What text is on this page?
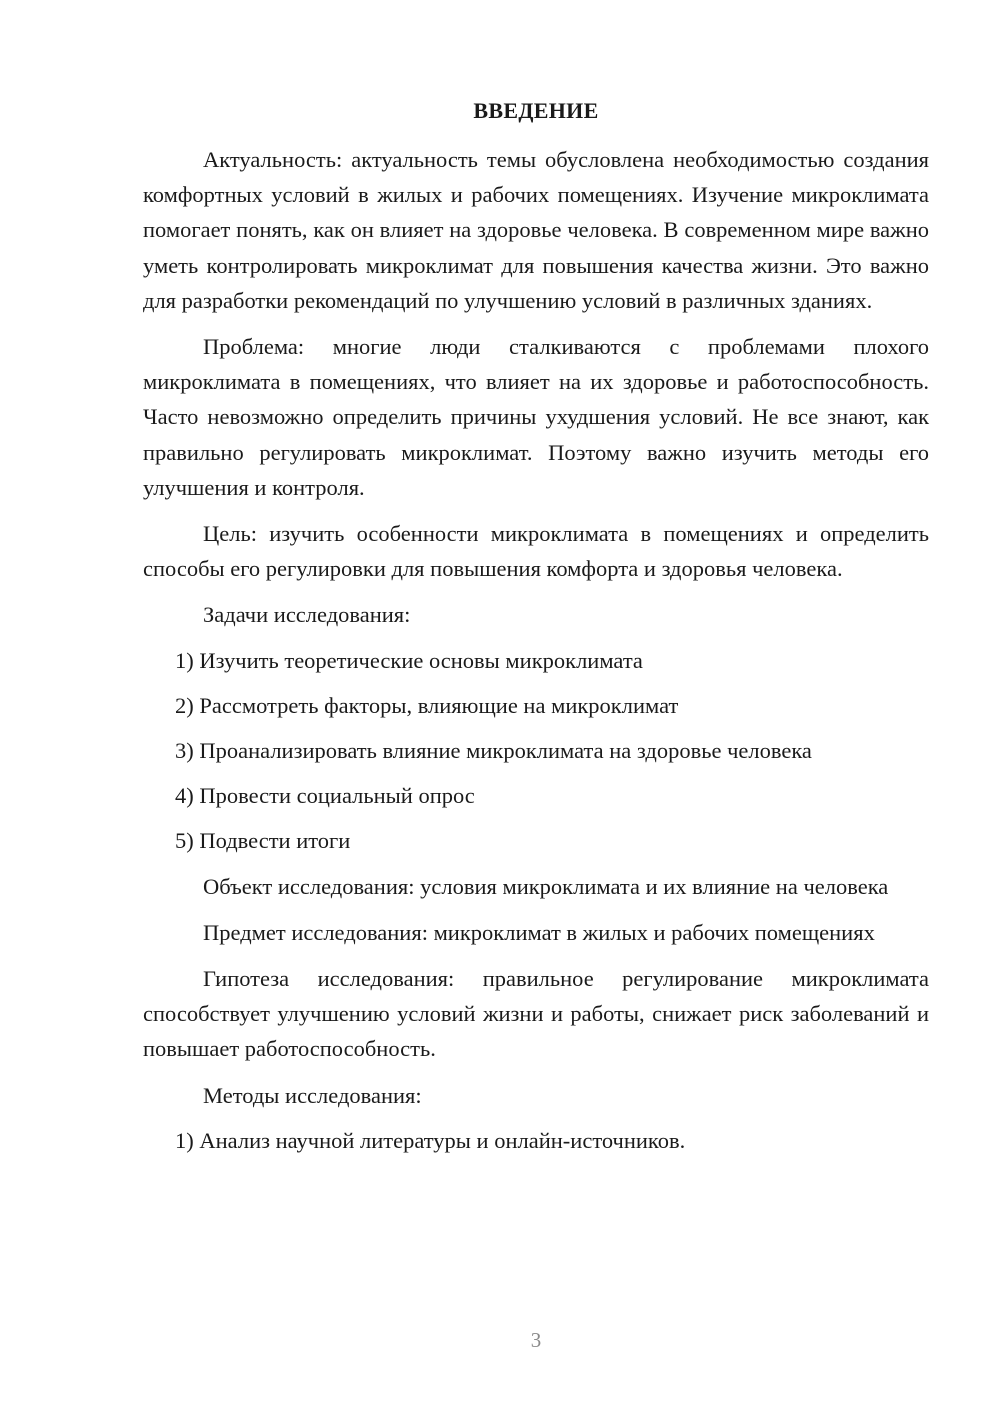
ВВЕДЕНИЕ

Актуальность: актуальность темы обусловлена необходимостью создания комфортных условий в жилых и рабочих помещениях. Изучение микроклимата помогает понять, как он влияет на здоровье человека. В современном мире важно уметь контролировать микроклимат для повышения качества жизни. Это важно для разработки рекомендаций по улучшению условий в различных зданиях.

Проблема: многие люди сталкиваются с проблемами плохого микроклимата в помещениях, что влияет на их здоровье и работоспособность. Часто невозможно определить причины ухудшения условий. Не все знают, как правильно регулировать микроклимат. Поэтому важно изучить методы его улучшения и контроля.

Цель: изучить особенности микроклимата в помещениях и определить способы его регулировки для повышения комфорта и здоровья человека.

Задачи исследования:

1) Изучить теоретические основы микроклимата
2) Рассмотреть факторы, влияющие на микроклимат
3) Проанализировать влияние микроклимата на здоровье человека
4) Провести социальный опрос
5) Подвести итоги

Объект исследования: условия микроклимата и их влияние на человека

Предмет исследования: микроклимат в жилых и рабочих помещениях

Гипотеза исследования: правильное регулирование микроклимата способствует улучшению условий жизни и работы, снижает риск заболеваний и повышает работоспособность.

Методы исследования:

1) Анализ научной литературы и онлайн-источников.
3
